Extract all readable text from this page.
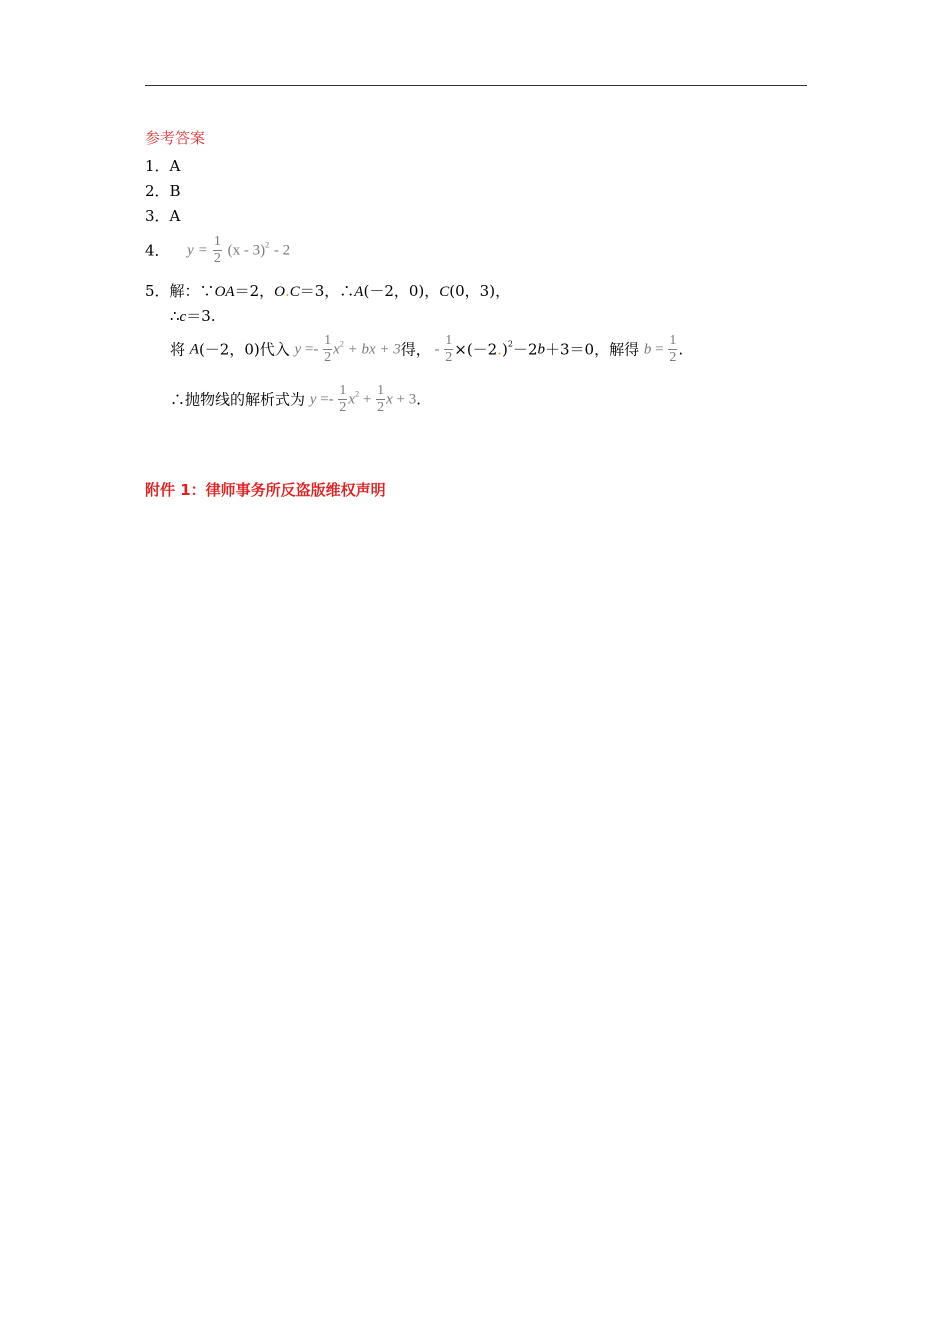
参考答案
1．A
2．B
3．A
4． $y = \frac{1}{2} (x - 3)^2 - 2$
5．解：∵OA＝2，O.C＝3，∴A(－2，0)，C(0，3)，
∴c＝3.
将 A(－2，0)代入 $y =- \frac{1}{2} x^2$ + bx + 3得， - $\frac{1}{2} \times(-2.)^2-2b+3=0$，解得 $b = \frac{1}{2}$ .
∴抛物线的解析式为 $y =- \frac{1}{2} x^2 + \frac{1}{2}$ x + 3.
附件 1：律师事务所反盗版维权声明
